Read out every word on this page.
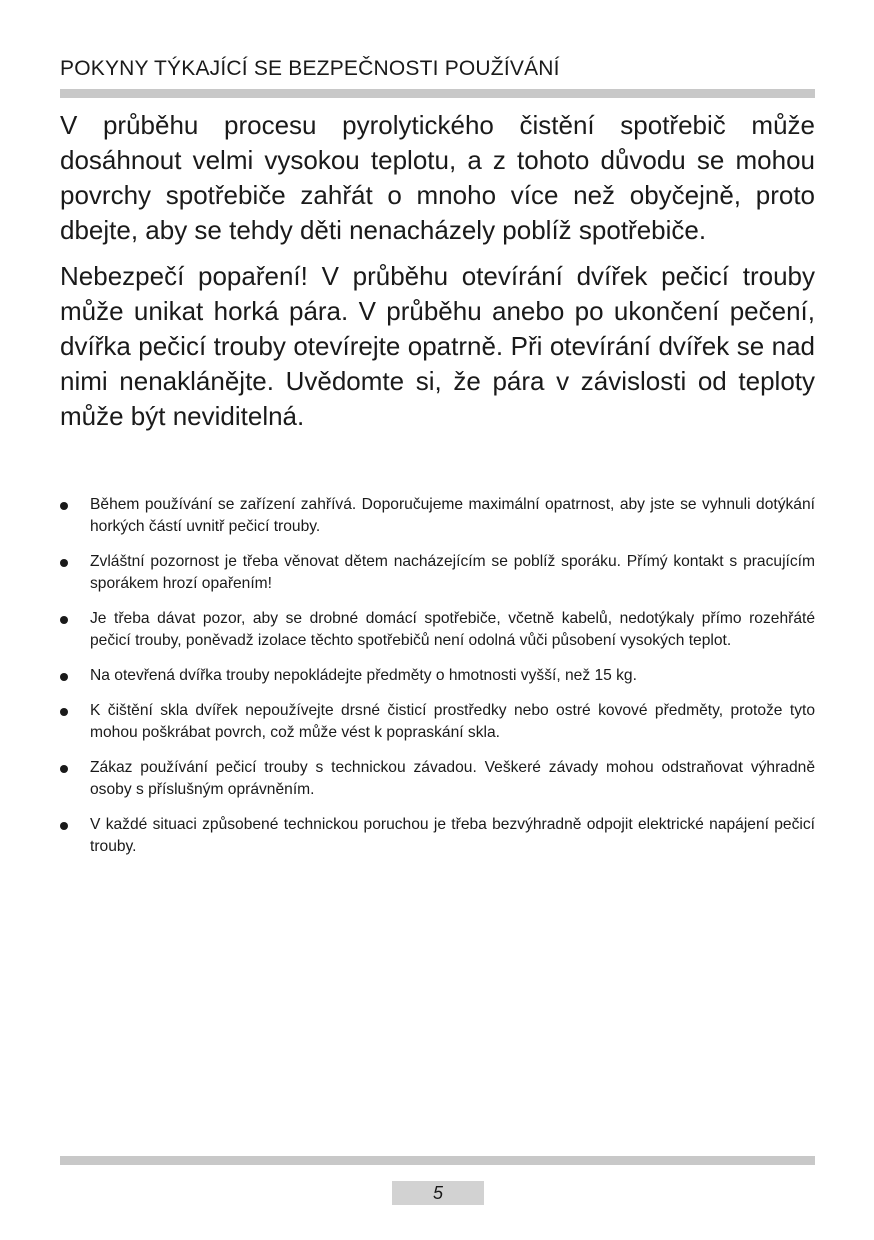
POKYNY TÝKAJÍCÍ SE BEZPEČNOSTI POUŽÍVÁNÍ

V průběhu procesu pyrolytického čistění spotřebič může dosáhnout velmi vysokou teplotu, a z tohoto důvodu se mohou povrchy spotřebiče zahřát o mnoho více než obyčejně, proto dbejte, aby se tehdy děti nenacházely poblíž spotřebiče.

Nebezpečí popaření! V průběhu otevírání dvířek pečicí trouby může unikat horká pára. V průběhu anebo po ukončení pečení, dvířka pečicí trouby otevírejte opatrně. Při otevírání dvířek se nad nimi nenaklánějte. Uvědomte si, že pára v závislosti od teploty může být neviditelná.

Během používání se zařízení zahřívá. Doporučujeme maximální opatrnost, aby jste se vyhnuli dotýkání horkých částí uvnitř pečicí trouby.
Zvláštní pozornost je třeba věnovat dětem nacházejícím se poblíž sporáku. Přímý kontakt s pracujícím sporákem hrozí opařením!
Je třeba dávat pozor, aby se drobné domácí spotřebiče, včetně kabelů, nedotýkaly přímo rozehřáté pečicí trouby, poněvadž izolace těchto spotřebičů není odolná vůči působení vysokých teplot.
Na otevřená dvířka trouby nepokládejte předměty o hmotnosti vyšší, než 15 kg.
K čištění skla dvířek nepoužívejte drsné čisticí prostředky nebo ostré kovové předměty, protože tyto mohou poškrábat povrch, což může vést k popraskání skla.
Zákaz používání pečicí trouby s technickou závadou. Veškeré závady mohou odstraňovat výhradně osoby s příslušným oprávněním.
V každé situaci způsobené technickou poruchou je třeba bezvýhradně odpojit elektrické napájení pečicí trouby.
5
